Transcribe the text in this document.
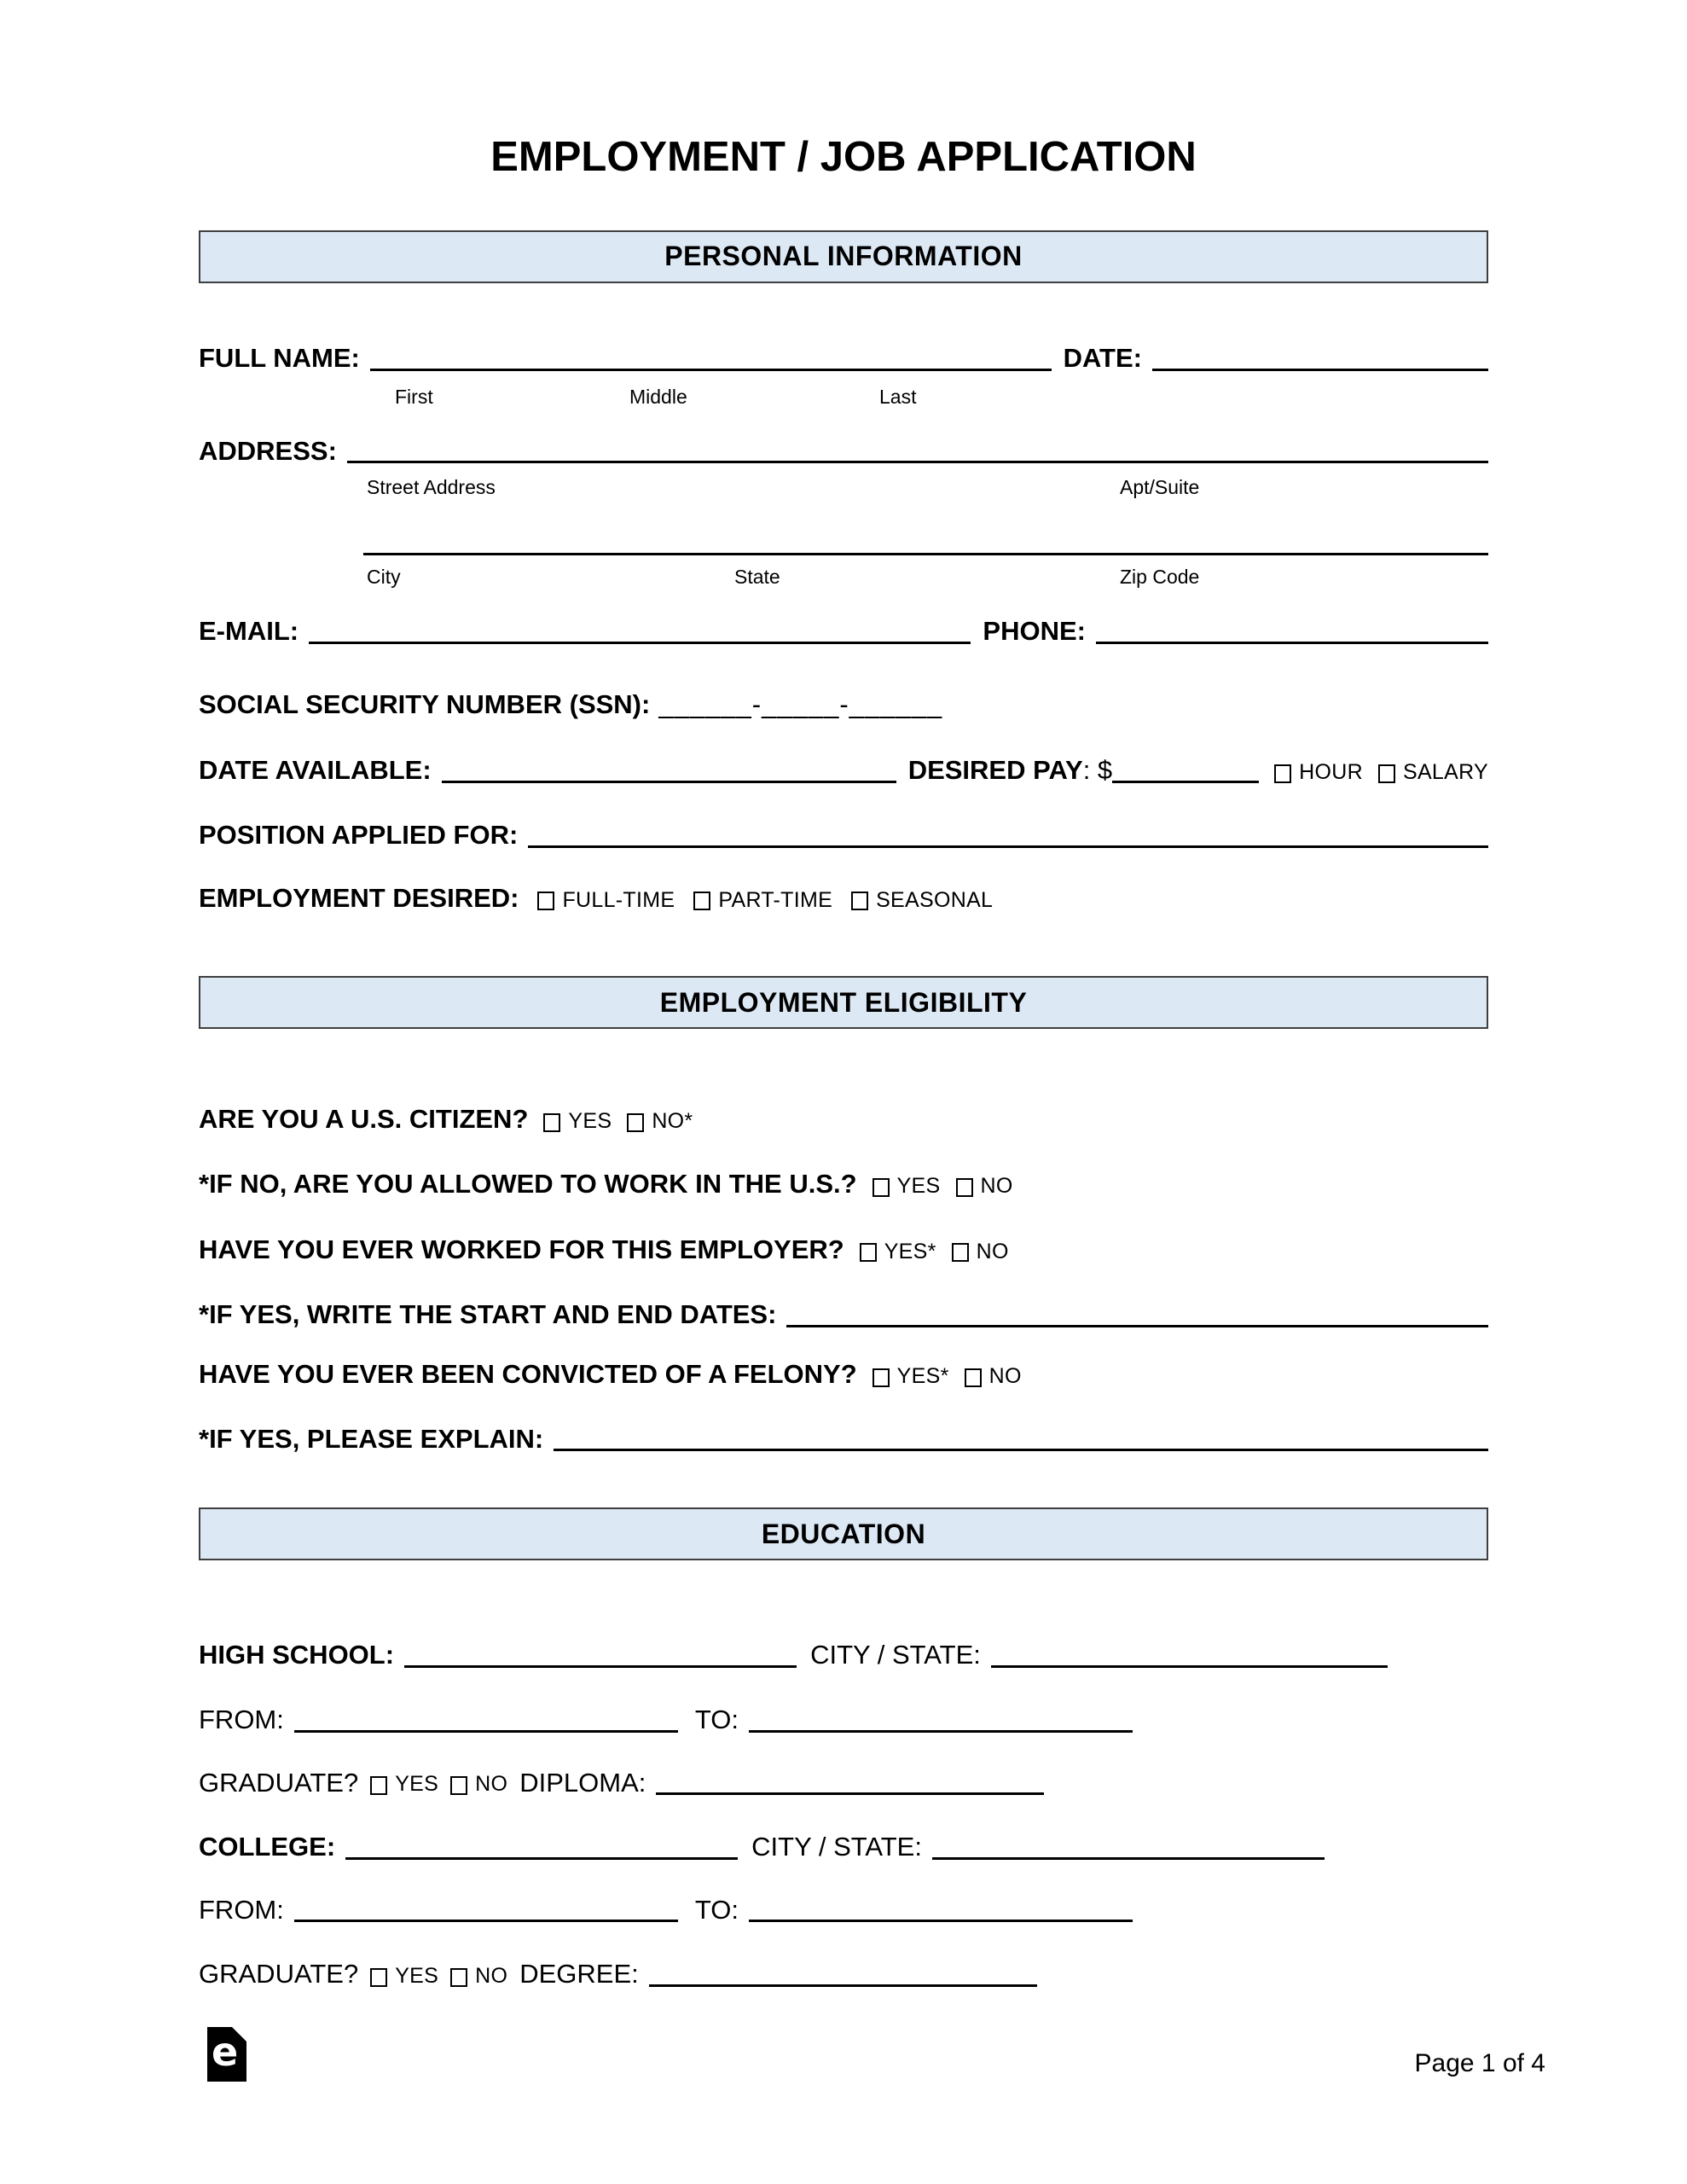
EMPLOYMENT / JOB APPLICATION
PERSONAL INFORMATION
FULL NAME:	DATE:
First	Middle	Last
ADDRESS:
Street Address	Apt/Suite
City	State	Zip Code
E-MAIL:	PHONE:
SOCIAL SECURITY NUMBER (SSN): ______-_____-______
DATE AVAILABLE:	DESIRED PAY : $	HOUR SALARY
POSITION APPLIED FOR:
EMPLOYMENT DESIRED: FULL-TIME PART-TIME SEASONAL
EMPLOYMENT ELIGIBILITY
ARE YOU A U.S. CITIZEN? YES NO*
*IF NO, ARE YOU ALLOWED TO WORK IN THE U.S.? YES NO
HAVE YOU EVER WORKED FOR THIS EMPLOYER? YES* NO
*IF YES, WRITE THE START AND END DATES:
HAVE YOU EVER BEEN CONVICTED OF A FELONY? YES* NO
*IF YES, PLEASE EXPLAIN:
EDUCATION
HIGH SCHOOL:	CITY / STATE:
FROM:	TO:
GRADUATE? YES NO DIPLOMA:
COLLEGE:	CITY / STATE:
FROM:	TO:
GRADUATE? YES NO DEGREE:
e	Page 1 of 4
